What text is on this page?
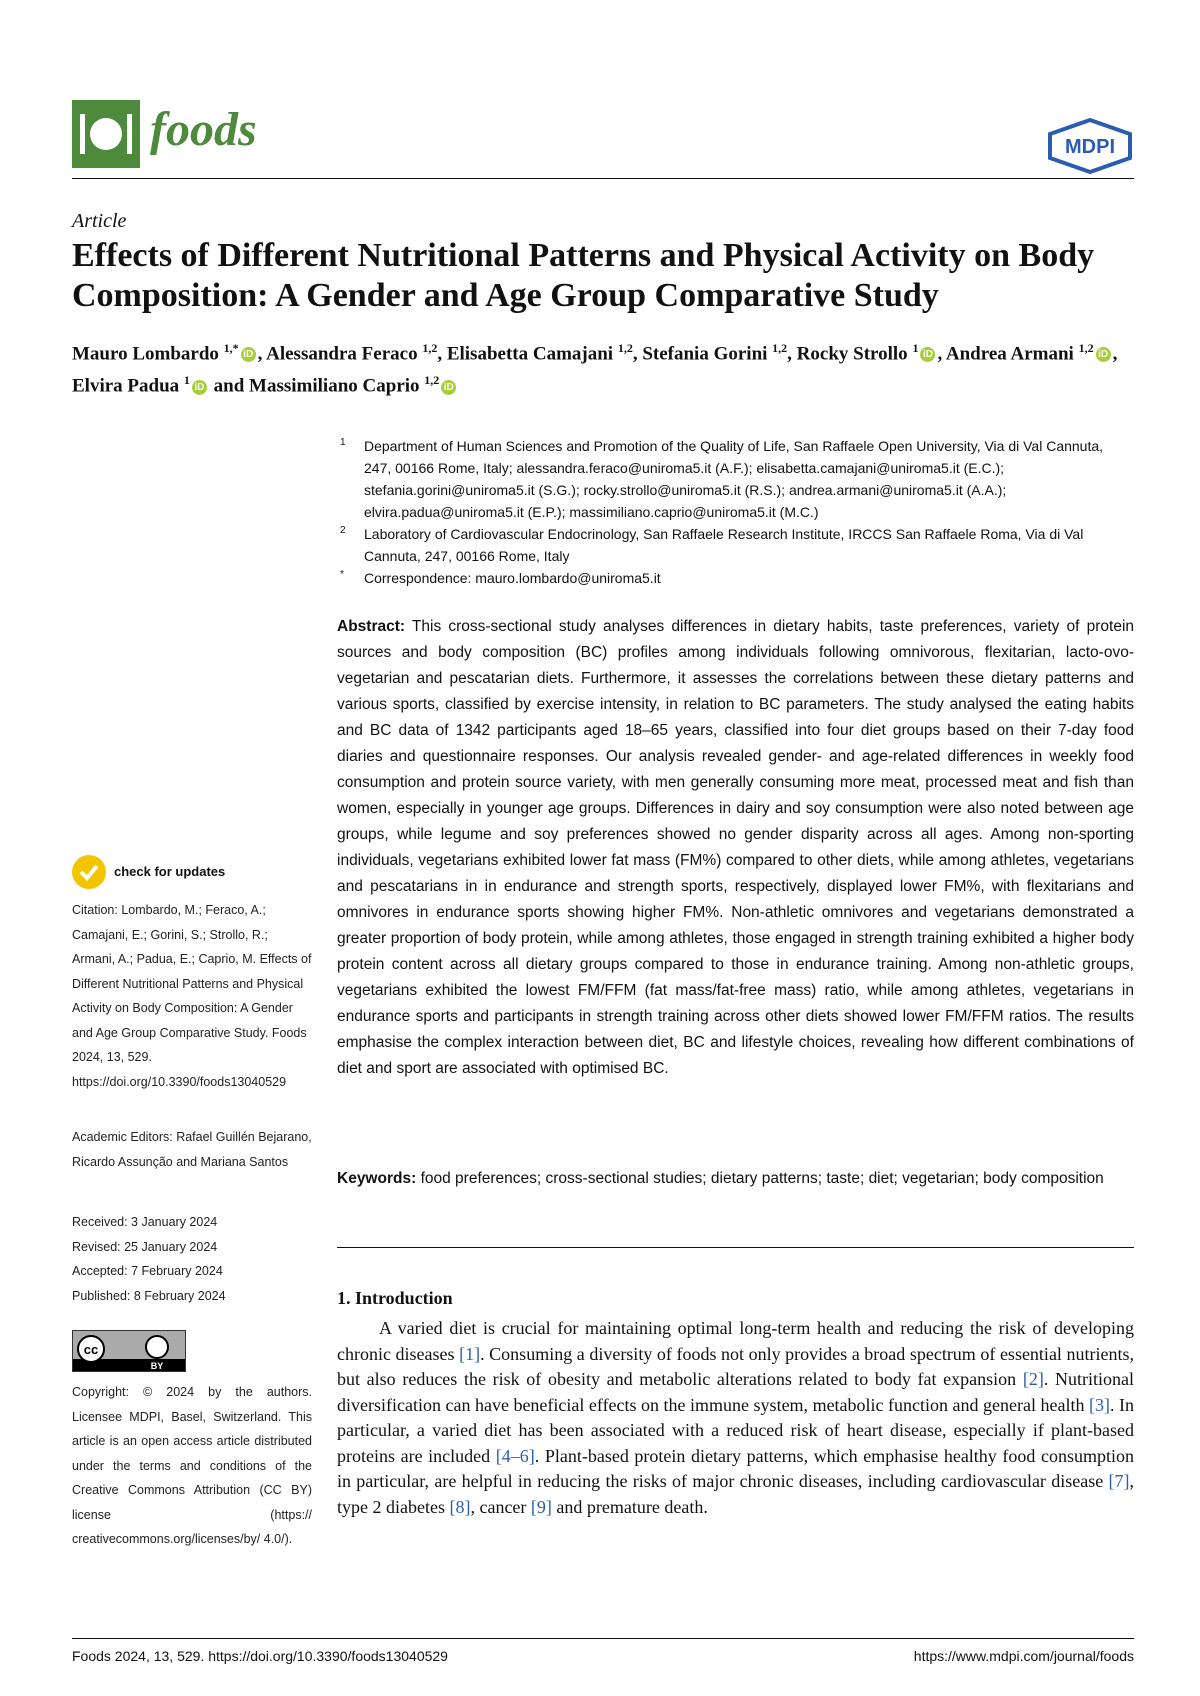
foods	MDPI
Article
Effects of Different Nutritional Patterns and Physical Activity on Body Composition: A Gender and Age Group Comparative Study
Mauro Lombardo $^{1,*}$ iD , Alessandra Feraco $^{1,2}$, Elisabetta Camajani $^{1,2}$, Stefania Gorini $^{1,2}$, Rocky Strollo $^1$ iD , Andrea Armani $^{1,2}$ iD , Elvira Padua $^1$ iD and Massimiliano Caprio $^{1,2}$ iD
1 Department of Human Sciences and Promotion of the Quality of Life, San Raffaele Open University, Via di Val Cannuta, 247, 00166 Rome, Italy; alessandra.feraco@uniroma5.it (A.F.); elisabetta.camajani@uniroma5.it (E.C.); stefania.gorini@uniroma5.it (S.G.); rocky.strollo@uniroma5.it (R.S.); andrea.armani@uniroma5.it (A.A.); elvira.padua@uniroma5.it (E.P.); massimiliano.caprio@uniroma5.it (M.C.)
2 Laboratory of Cardiovascular Endocrinology, San Raffaele Research Institute, IRCCS San Raffaele Roma, Via di Val Cannuta, 247, 00166 Rome, Italy
* Correspondence: mauro.lombardo@uniroma5.it
Abstract: This cross-sectional study analyses differences in dietary habits, taste preferences, variety of protein sources and body composition (BC) profiles among individuals following omnivorous, flexitarian, lacto-ovo-vegetarian and pescatarian diets. Furthermore, it assesses the correlations between these dietary patterns and various sports, classified by exercise intensity, in relation to BC parameters. The study analysed the eating habits and BC data of 1342 participants aged 18–65 years, classified into four diet groups based on their 7-day food diaries and questionnaire responses. Our analysis revealed gender- and age-related differences in weekly food consumption and protein source variety, with men generally consuming more meat, processed meat and fish than women, especially in younger age groups. Differences in dairy and soy consumption were also noted between age groups, while legume and soy preferences showed no gender disparity across all ages. Among non-sporting individuals, vegetarians exhibited lower fat mass (FM%) compared to other diets, while among athletes, vegetarians and pescatarians in in endurance and strength sports, respectively, displayed lower FM%, with flexitarians and omnivores in endurance sports showing higher FM%. Non-athletic omnivores and vegetarians demonstrated a greater proportion of body protein, while among athletes, those engaged in strength training exhibited a higher body protein content across all dietary groups compared to those in endurance training. Among non-athletic groups, vegetarians exhibited the lowest FM/FFM (fat mass/fat-free mass) ratio, while among athletes, vegetarians in endurance sports and participants in strength training across other diets showed lower FM/FFM ratios. The results emphasise the complex interaction between diet, BC and lifestyle choices, revealing how different combinations of diet and sport are associated with optimised BC.
Keywords: food preferences; cross-sectional studies; dietary patterns; taste; diet; vegetarian; body composition
1. Introduction
A varied diet is crucial for maintaining optimal long-term health and reducing the risk of developing chronic diseases [1]. Consuming a diversity of foods not only provides a broad spectrum of essential nutrients, but also reduces the risk of obesity and metabolic alterations related to body fat expansion [2]. Nutritional diversification can have beneficial effects on the immune system, metabolic function and general health [3]. In particular, a varied diet has been associated with a reduced risk of heart disease, especially if plant-based proteins are included [4–6]. Plant-based protein dietary patterns, which emphasise healthy food consumption in particular, are helpful in reducing the risks of major chronic diseases, including cardiovascular disease [7], type 2 diabetes [8], cancer [9] and premature death.
check for updates
Citation: Lombardo, M.; Feraco, A.; Camajani, E.; Gorini, S.; Strollo, R.; Armani, A.; Padua, E.; Caprio, M. Effects of Different Nutritional Patterns and Physical Activity on Body Composition: A Gender and Age Group Comparative Study. Foods 2024, 13, 529. https://doi.org/10.3390/foods13040529
Academic Editors: Rafael Guillén Bejarano, Ricardo Assunção and Mariana Santos
Received: 3 January 2024
Revised: 25 January 2024
Accepted: 7 February 2024
Published: 8 February 2024
cc
BY
Copyright: © 2024 by the authors. Licensee MDPI, Basel, Switzerland. This article is an open access article distributed under the terms and conditions of the Creative Commons Attribution (CC BY) license (https:// creativecommons.org/licenses/by/ 4.0/).
Foods 2024, 13, 529. https://doi.org/10.3390/foods13040529	https://www.mdpi.com/journal/foods
